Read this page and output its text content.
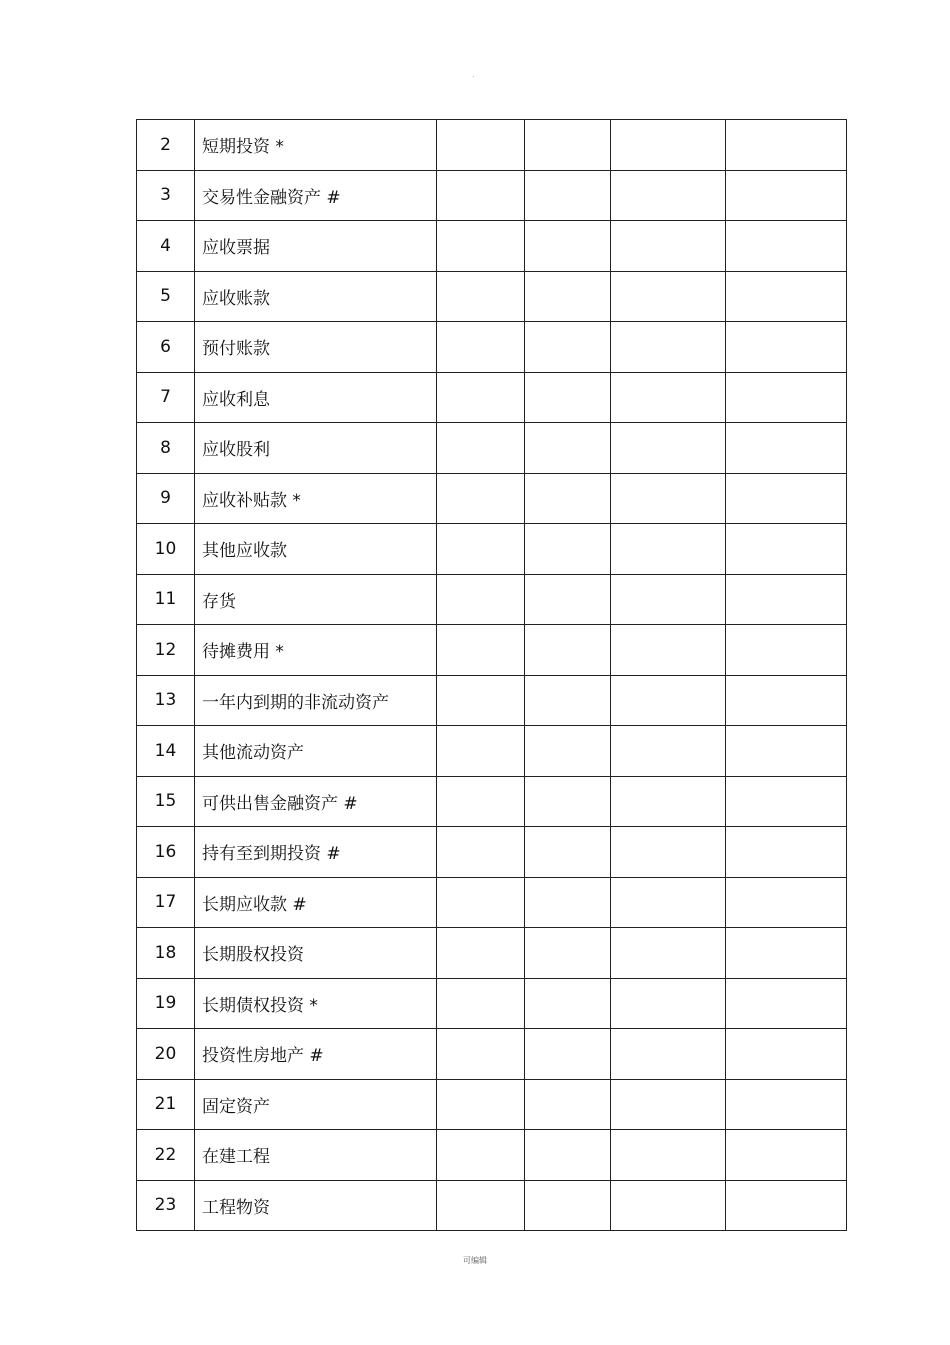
.
2	短期投资 *				
3	交易性金融资产 #				
4	应收票据				
5	应收账款				
6	预付账款				
7	应收利息				
8	应收股利				
9	应收补贴款 *				
10	其他应收款				
11	存货				
12	待摊费用 *				
13	一年内到期的非流动资产				
14	其他流动资产				
15	可供出售金融资产 #				
16	持有至到期投资 #				
17	长期应收款 #				
18	长期股权投资				
19	长期债权投资 *				
20	投资性房地产 #				
21	固定资产				
22	在建工程				
23	工程物资				
可编辑
